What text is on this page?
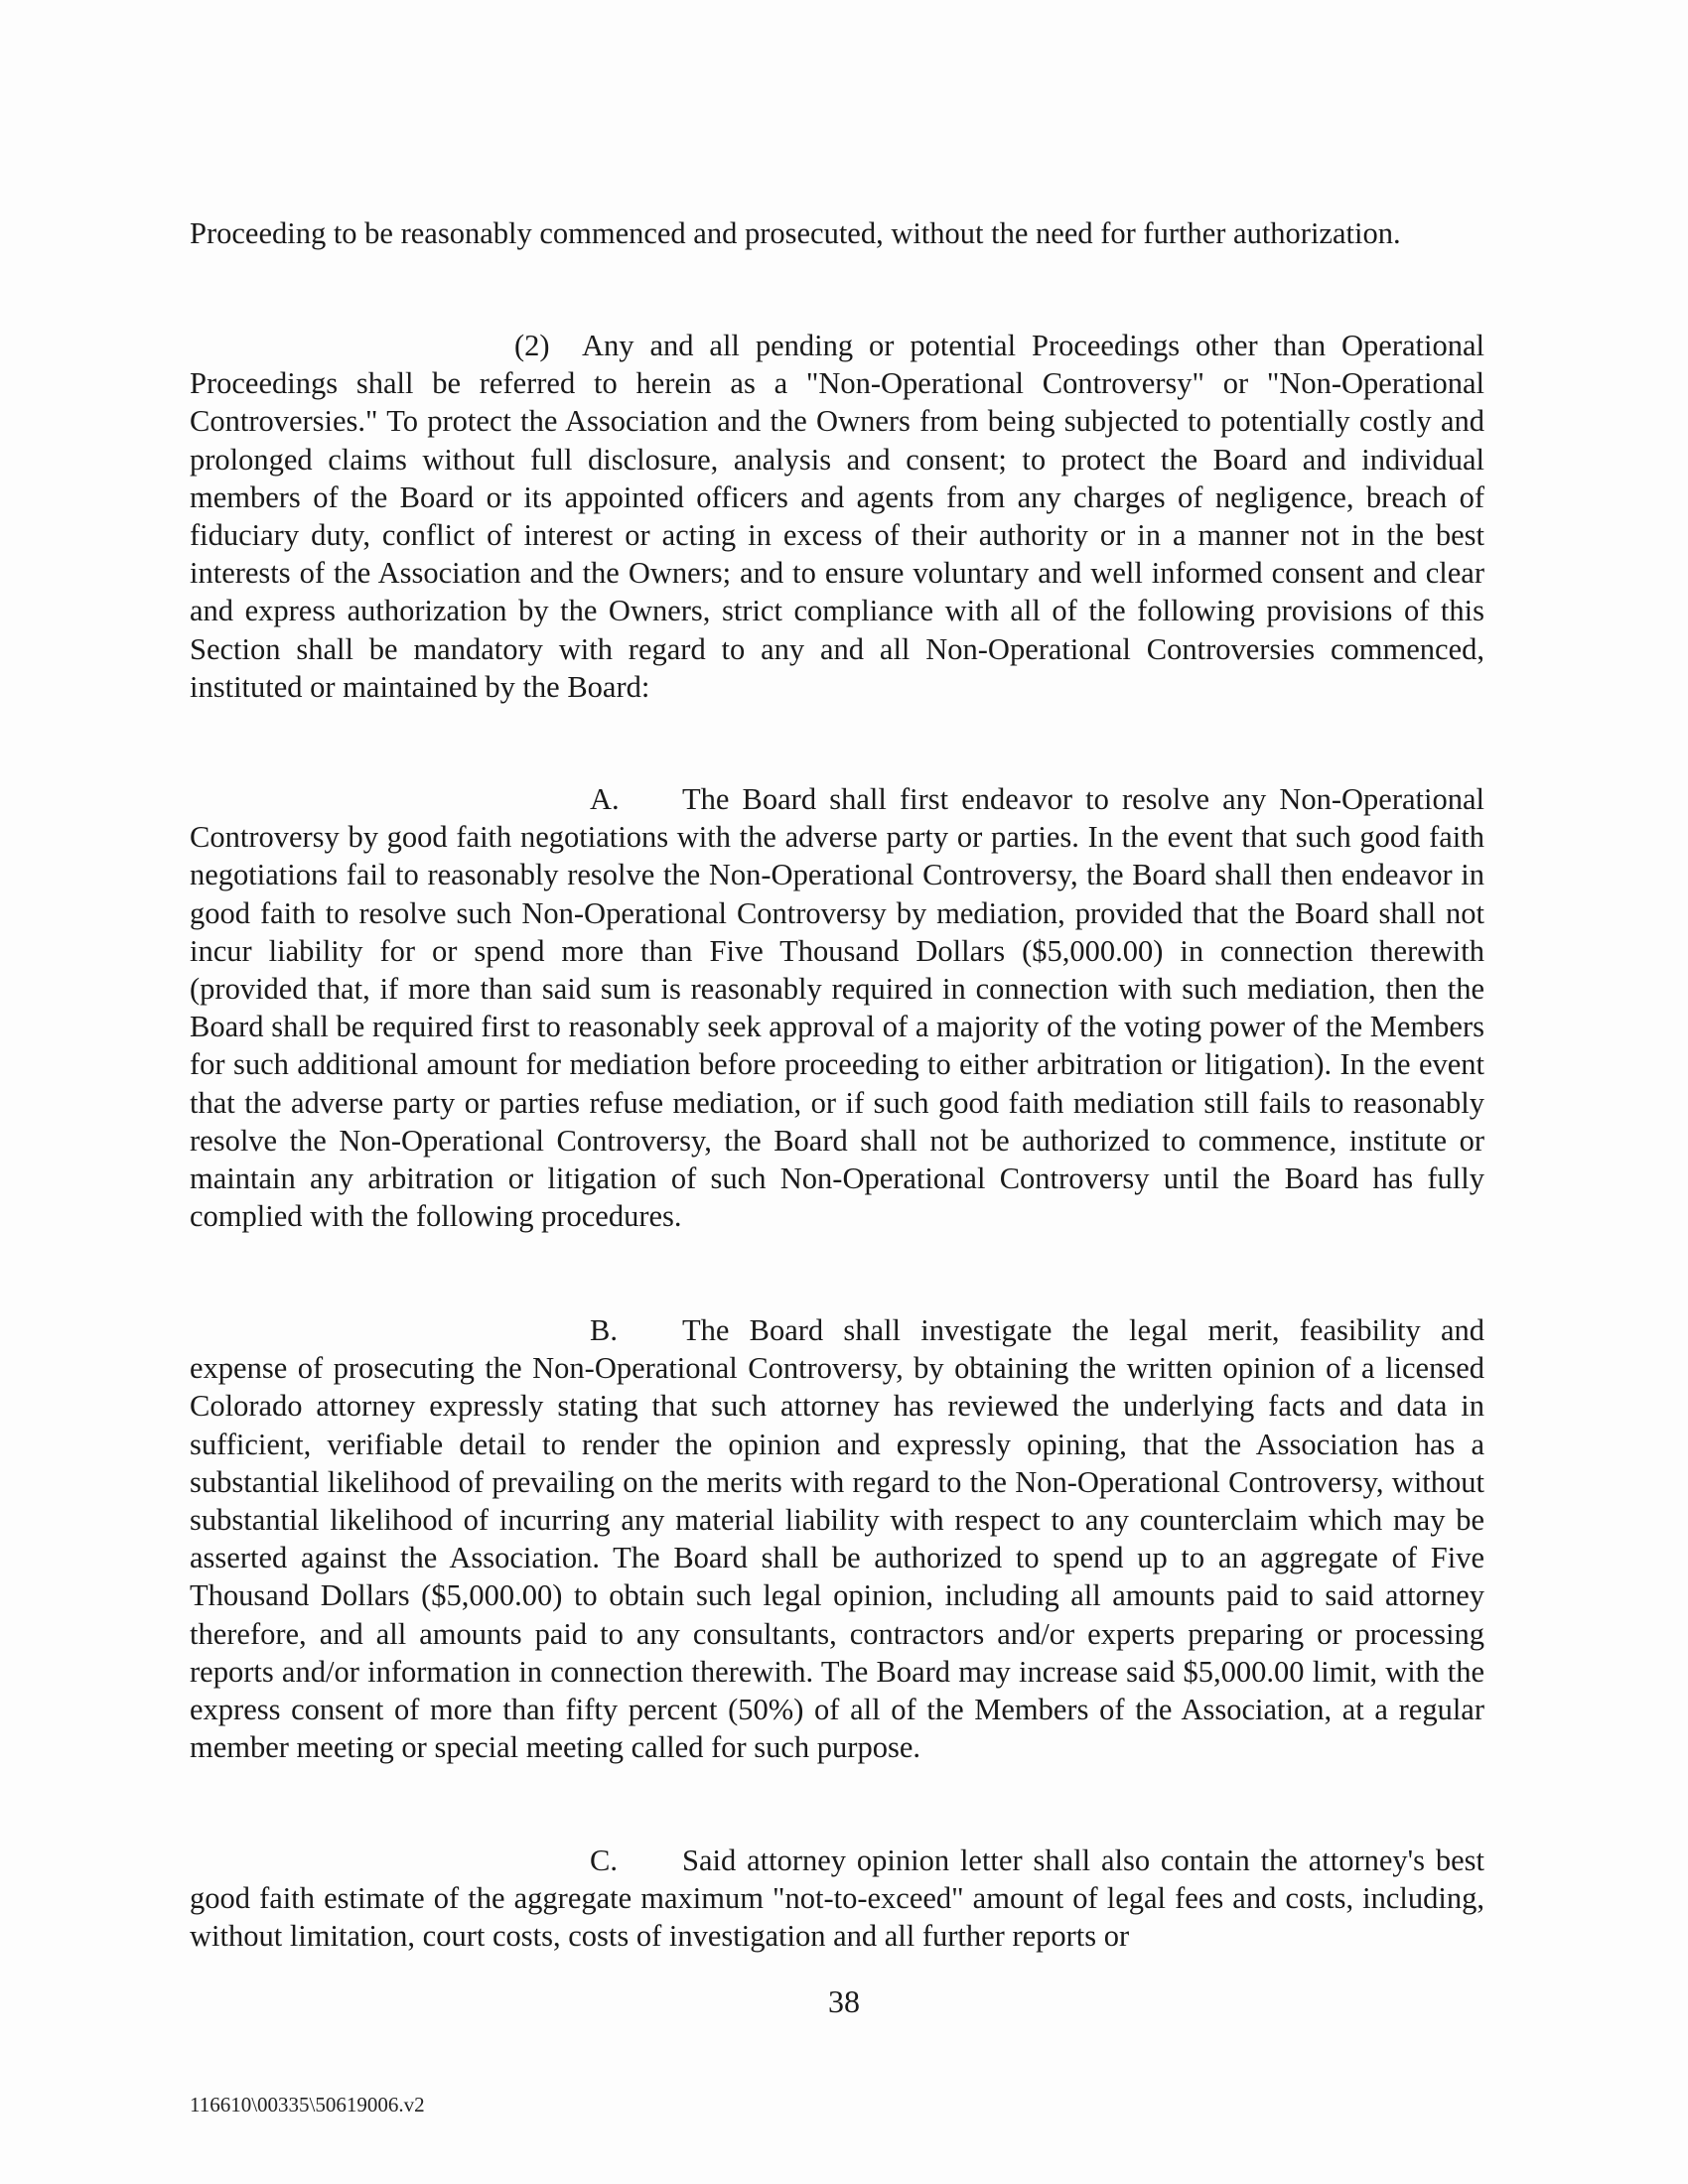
Proceeding to be reasonably commenced and prosecuted, without the need for further authorization.

(2) Any and all pending or potential Proceedings other than Operational Proceedings shall be referred to herein as a "Non-Operational Controversy" or "Non-Operational Controversies." To protect the Association and the Owners from being subjected to potentially costly and prolonged claims without full disclosure, analysis and consent; to protect the Board and individual members of the Board or its appointed officers and agents from any charges of negligence, breach of fiduciary duty, conflict of interest or acting in excess of their authority or in a manner not in the best interests of the Association and the Owners; and to ensure voluntary and well informed consent and clear and express authorization by the Owners, strict compliance with all of the following provisions of this Section shall be mandatory with regard to any and all Non-Operational Controversies commenced, instituted or maintained by the Board:

A. The Board shall first endeavor to resolve any Non-Operational Controversy by good faith negotiations with the adverse party or parties. In the event that such good faith negotiations fail to reasonably resolve the Non-Operational Controversy, the Board shall then endeavor in good faith to resolve such Non-Operational Controversy by mediation, provided that the Board shall not incur liability for or spend more than Five Thousand Dollars ($5,000.00) in connection therewith (provided that, if more than said sum is reasonably required in connection with such mediation, then the Board shall be required first to reasonably seek approval of a majority of the voting power of the Members for such additional amount for mediation before proceeding to either arbitration or litigation). In the event that the adverse party or parties refuse mediation, or if such good faith mediation still fails to reasonably resolve the Non-Operational Controversy, the Board shall not be authorized to commence, institute or maintain any arbitration or litigation of such Non-Operational Controversy until the Board has fully complied with the following procedures.

B. The Board shall investigate the legal merit, feasibility and expense of prosecuting the Non-Operational Controversy, by obtaining the written opinion of a licensed Colorado attorney expressly stating that such attorney has reviewed the underlying facts and data in sufficient, verifiable detail to render the opinion and expressly opining, that the Association has a substantial likelihood of prevailing on the merits with regard to the Non-Operational Controversy, without substantial likelihood of incurring any material liability with respect to any counterclaim which may be asserted against the Association. The Board shall be authorized to spend up to an aggregate of Five Thousand Dollars ($5,000.00) to obtain such legal opinion, including all amounts paid to said attorney therefore, and all amounts paid to any consultants, contractors and/or experts preparing or processing reports and/or information in connection therewith. The Board may increase said $5,000.00 limit, with the express consent of more than fifty percent (50%) of all of the Members of the Association, at a regular member meeting or special meeting called for such purpose.

C. Said attorney opinion letter shall also contain the attorney's best good faith estimate of the aggregate maximum "not-to-exceed" amount of legal fees and costs, including, without limitation, court costs, costs of investigation and all further reports or

38

116610\00335\50619006.v2
